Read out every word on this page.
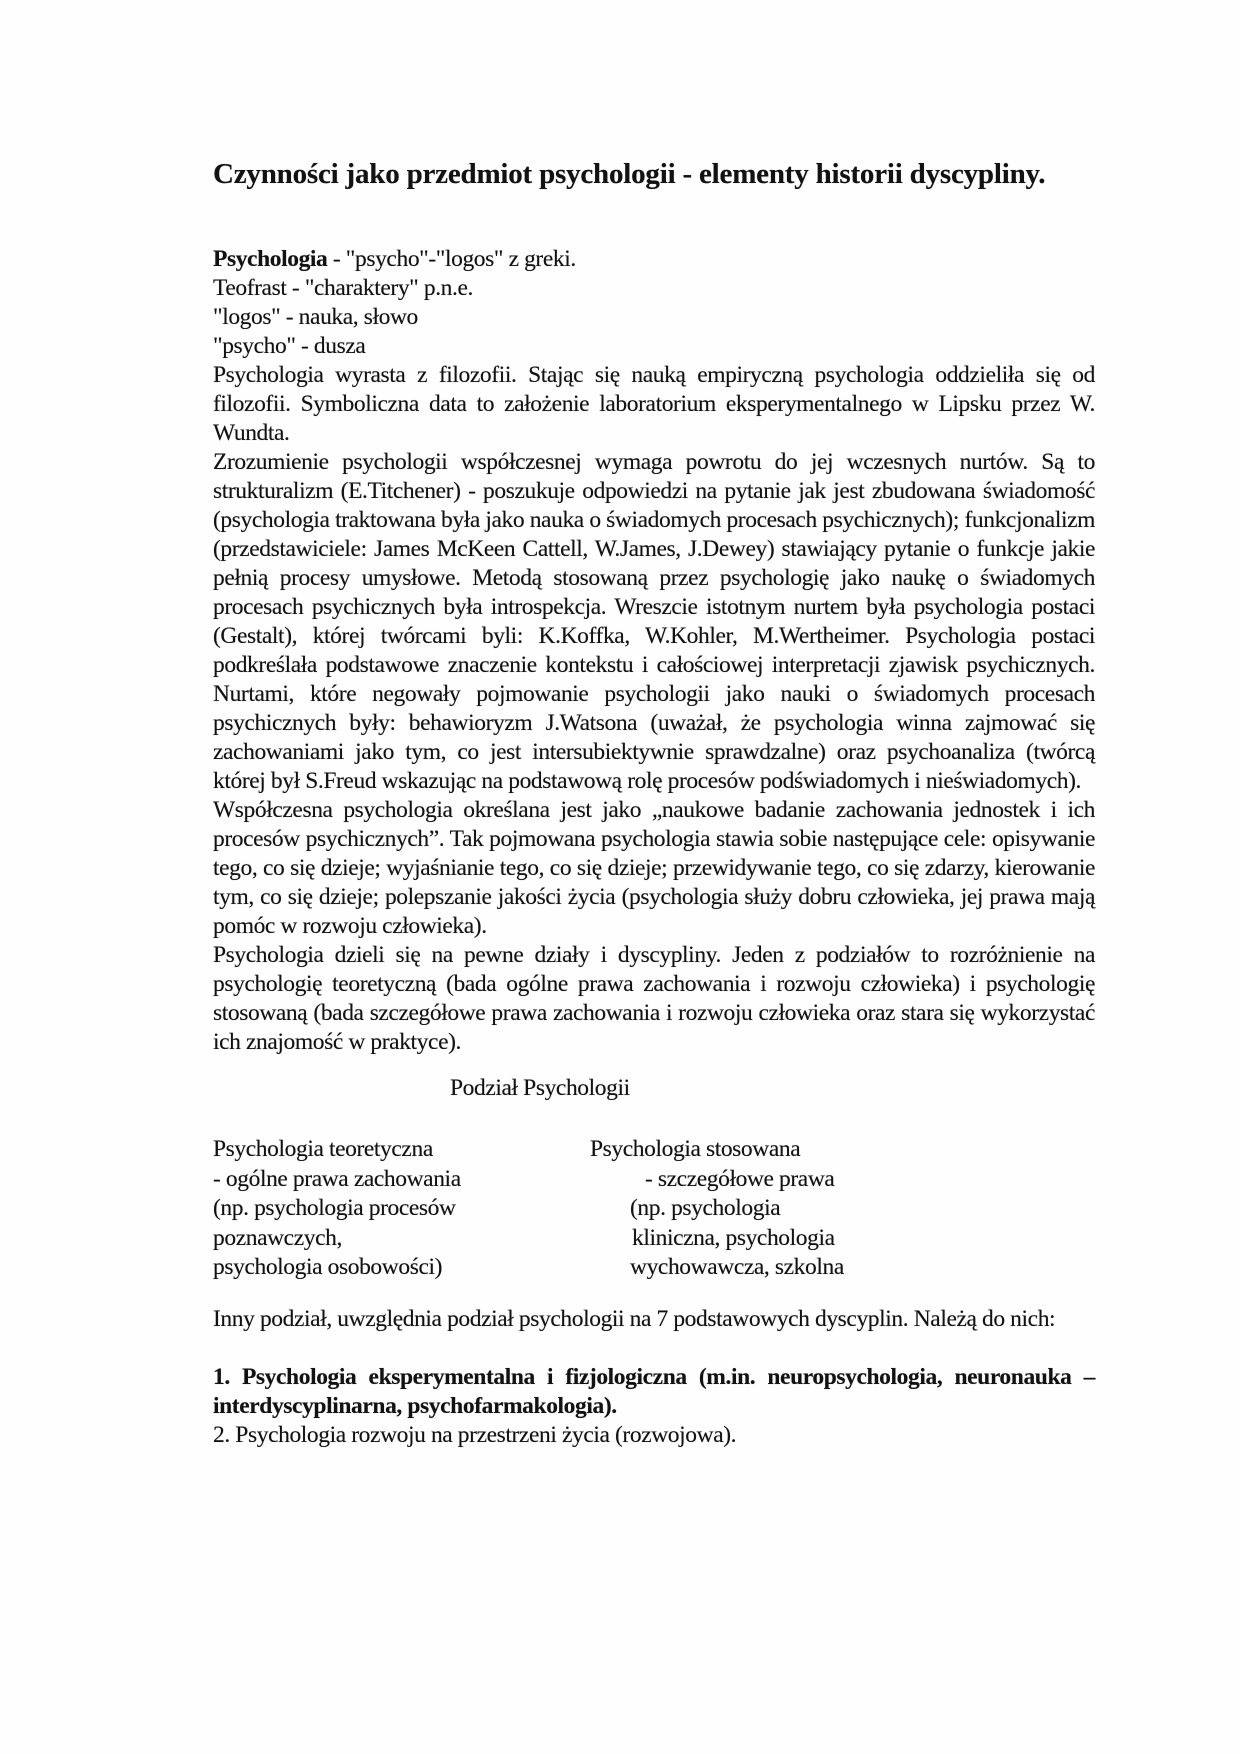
Czynności jako przedmiot psychologii - elementy historii dyscypliny.

Psychologia - "psycho"-"logos" z greki.

Teofrast - "charaktery" p.n.e.

"logos" - nauka, słowo

"psycho" - dusza

Psychologia wyrasta z filozofii. Stając się nauką empiryczną psychologia oddzieliła się od filozofii. Symboliczna data to założenie laboratorium eksperymentalnego w Lipsku przez W. Wundta.

Zrozumienie psychologii współczesnej wymaga powrotu do jej wczesnych nurtów. Są to strukturalizm (E.Titchener) - poszukuje odpowiedzi na pytanie jak jest zbudowana świadomość (psychologia traktowana była jako nauka o świadomych procesach psychicznych); funkcjonalizm (przedstawiciele: James McKeen Cattell, W.James, J.Dewey) stawiający pytanie o funkcje jakie pełnią procesy umysłowe. Metodą stosowaną przez psychologię jako naukę o świadomych procesach psychicznych była introspekcja. Wreszcie istotnym nurtem była psychologia postaci (Gestalt), której twórcami byli: K.Koffka, W.Kohler, M.Wertheimer. Psychologia postaci podkreślała podstawowe znaczenie kontekstu i całościowej interpretacji zjawisk psychicznych. Nurtami, które negowały pojmowanie psychologii jako nauki o świadomych procesach psychicznych były: behawioryzm J.Watsona (uważał, że psychologia winna zajmować się zachowaniami jako tym, co jest intersubiektywnie sprawdzalne) oraz psychoanaliza (twórcą której był S.Freud wskazując na podstawową rolę procesów podświadomych i nieświadomych).

Współczesna psychologia określana jest jako „naukowe badanie zachowania jednostek i ich procesów psychicznych”. Tak pojmowana psychologia stawia sobie następujące cele: opisywanie tego, co się dzieje; wyjaśnianie tego, co się dzieje; przewidywanie tego, co się zdarzy, kierowanie tym, co się dzieje; polepszanie jakości życia (psychologia służy dobru człowieka, jej prawa mają pomóc w rozwoju człowieka).

Psychologia dzieli się na pewne działy i dyscypliny. Jeden z podziałów to rozróżnienie na psychologię teoretyczną (bada ogólne prawa zachowania i rozwoju człowieka) i psychologię stosowaną (bada szczegółowe prawa zachowania i rozwoju człowieka oraz stara się wykorzystać ich znajomość w praktyce).

Podział Psychologii
Psychologia teoretyczna
- ogólne prawa zachowania
(np. psychologia procesów
poznawczych,
psychologia osobowości)
Psychologia stosowana
- szczegółowe prawa
(np. psychologia
kliniczna, psychologia
wychowawcza, szkolna

Inny podział, uwzględnia podział psychologii na 7 podstawowych dyscyplin. Należą do nich:

1. Psychologia eksperymentalna i fizjologiczna (m.in. neuropsychologia, neuronauka – interdyscyplinarna, psychofarmakologia).

2. Psychologia rozwoju na przestrzeni życia (rozwojowa).
